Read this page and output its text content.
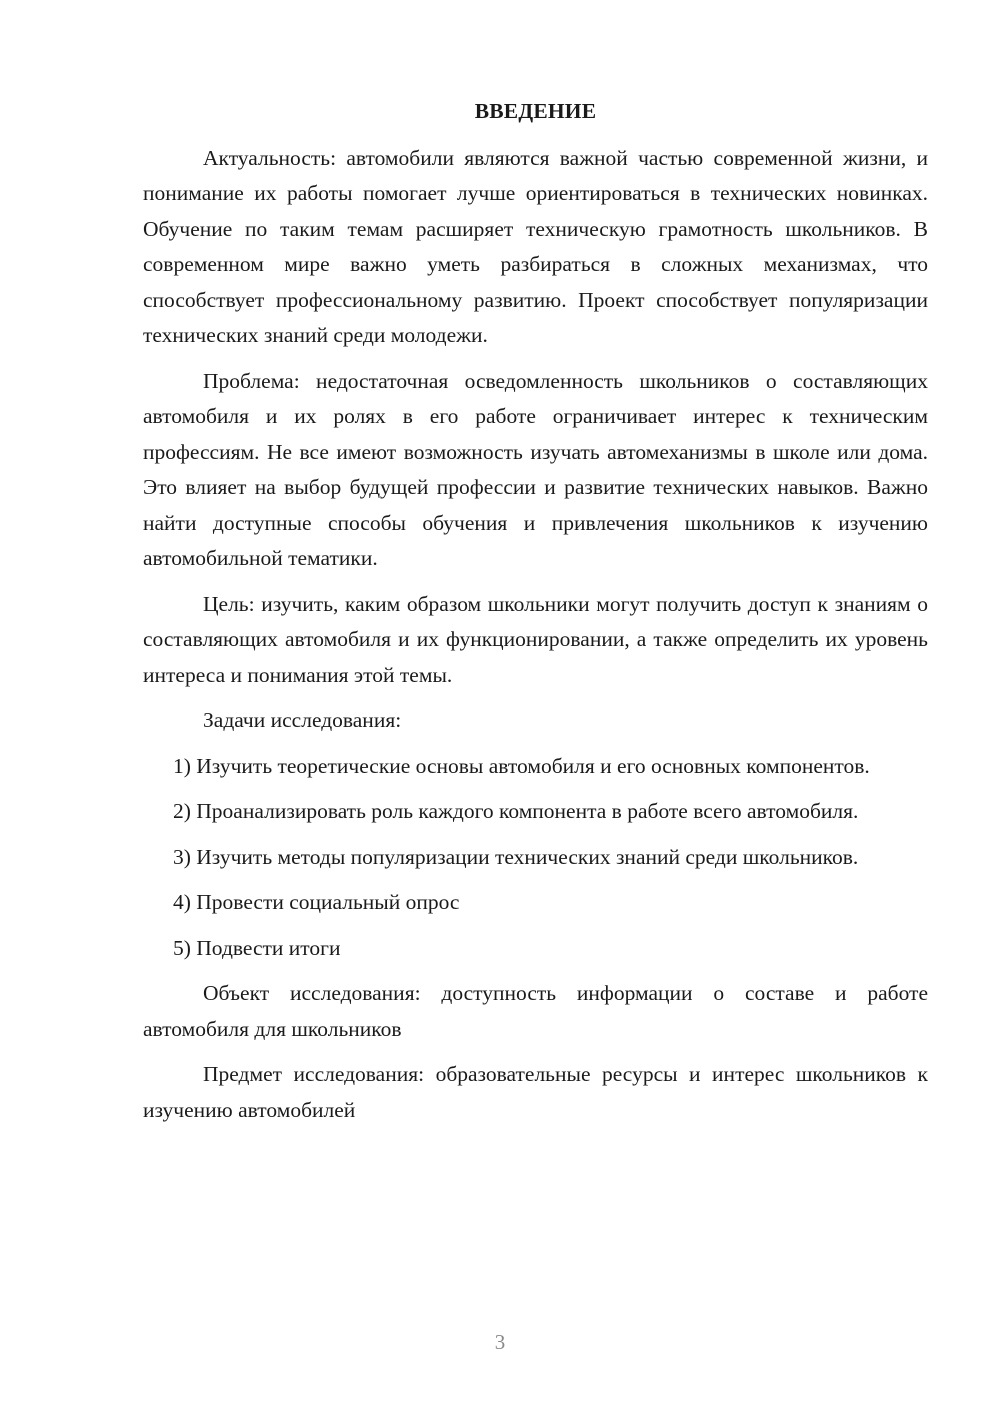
ВВЕДЕНИЕ

Актуальность: автомобили являются важной частью современной жизни, и понимание их работы помогает лучше ориентироваться в технических новинках. Обучение по таким темам расширяет техническую грамотность школьников. В современном мире важно уметь разбираться в сложных механизмах, что способствует профессиональному развитию. Проект способствует популяризации технических знаний среди молодежи.

Проблема: недостаточная осведомленность школьников о составляющих автомобиля и их ролях в его работе ограничивает интерес к техническим профессиям. Не все имеют возможность изучать автомеханизмы в школе или дома. Это влияет на выбор будущей профессии и развитие технических навыков. Важно найти доступные способы обучения и привлечения школьников к изучению автомобильной тематики.

Цель: изучить, каким образом школьники могут получить доступ к знаниям о составляющих автомобиля и их функционировании, а также определить их уровень интереса и понимания этой темы.

Задачи исследования:

1) Изучить теоретические основы автомобиля и его основных компонентов.

2) Проанализировать роль каждого компонента в работе всего автомобиля.

3) Изучить методы популяризации технических знаний среди школьников.

4) Провести социальный опрос

5) Подвести итоги

Объект исследования: доступность информации о составе и работе автомобиля для школьников

Предмет исследования: образовательные ресурсы и интерес школьников к изучению автомобилей

3
